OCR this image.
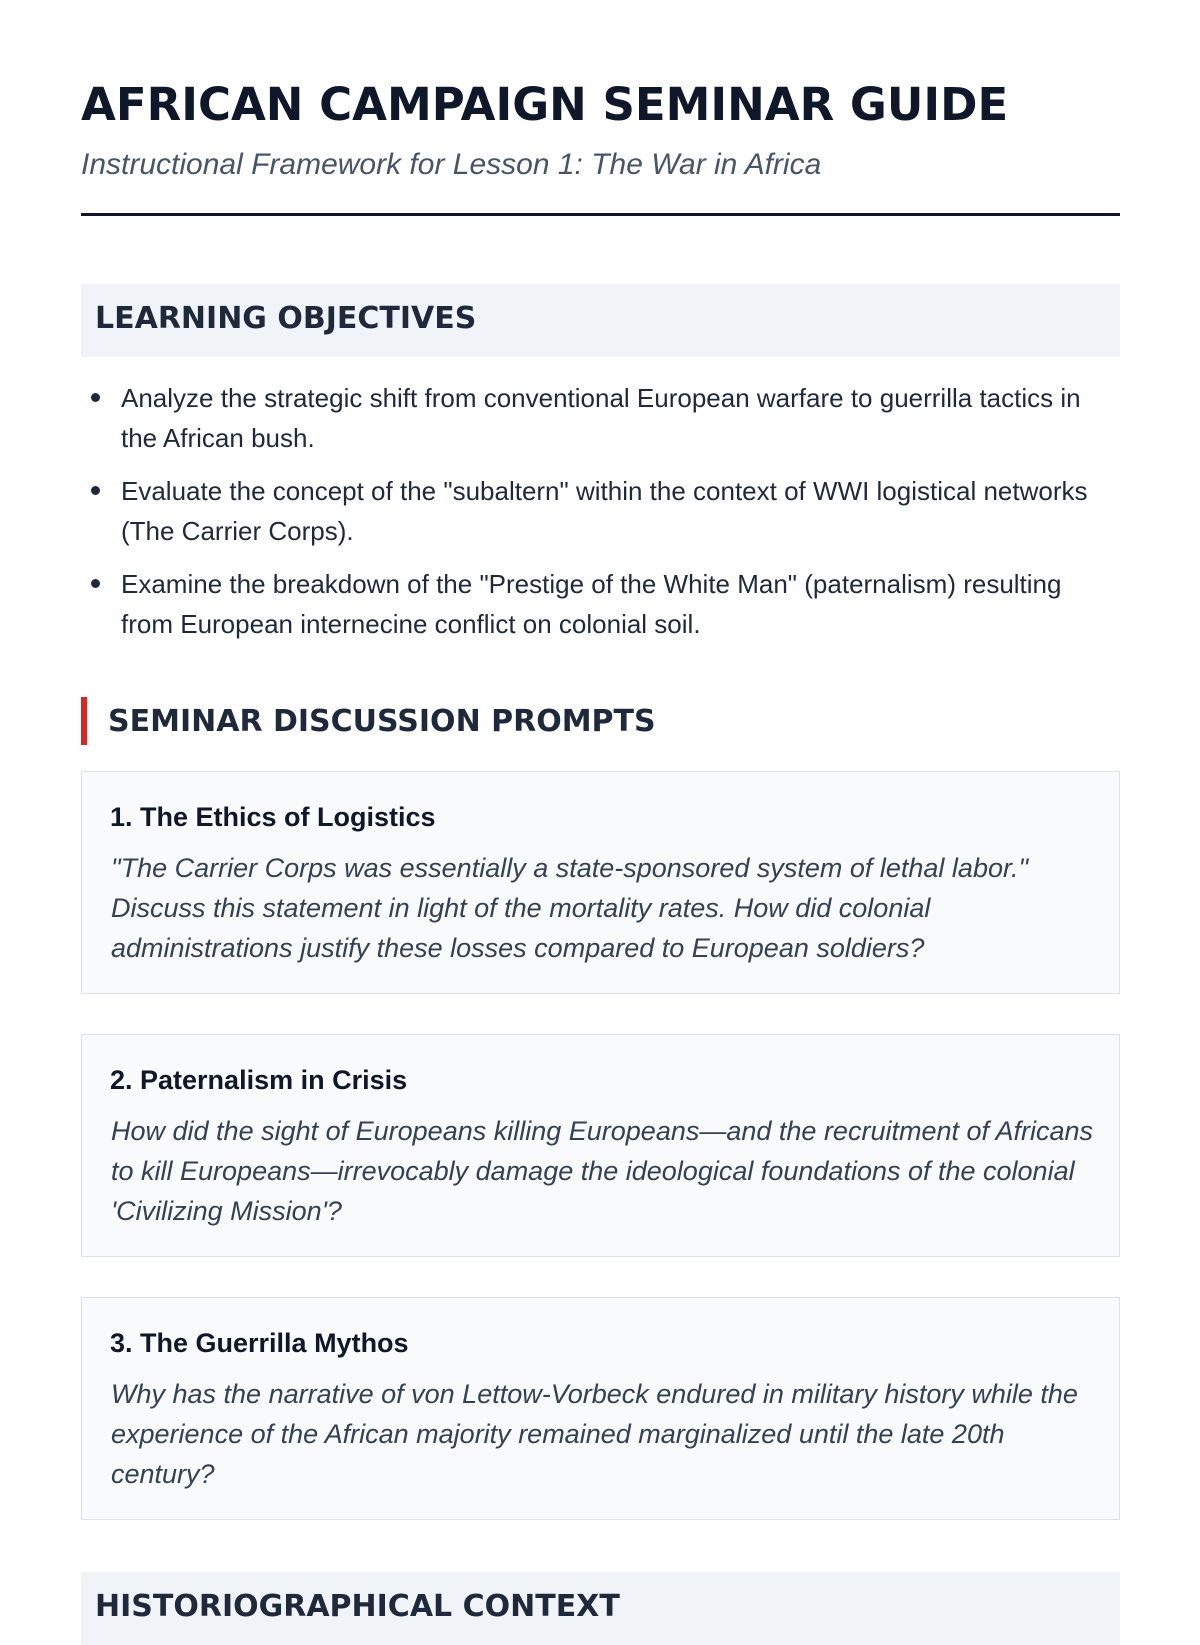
AFRICAN CAMPAIGN SEMINAR GUIDE

Instructional Framework for Lesson 1: The War in Africa

LEARNING OBJECTIVES
Analyze the strategic shift from conventional European warfare to guerrilla tactics in the African bush.
Evaluate the concept of the "subaltern" within the context of WWI logistical networks (The Carrier Corps).
Examine the breakdown of the "Prestige of the White Man" (paternalism) resulting from European internecine conflict on colonial soil.
SEMINAR DISCUSSION PROMPTS
1. The Ethics of Logistics

"The Carrier Corps was essentially a state-sponsored system of lethal labor." Discuss this statement in light of the mortality rates. How did colonial administrations justify these losses compared to European soldiers?

2. Paternalism in Crisis

How did the sight of Europeans killing Europeans—and the recruitment of Africans to kill Europeans—irrevocably damage the ideological foundations of the colonial 'Civilizing Mission'?

3. The Guerrilla Mythos

Why has the narrative of von Lettow-Vorbeck endured in military history while the experience of the African majority remained marginalized until the late 20th century?

HISTORIOGRAPHICAL CONTEXT
